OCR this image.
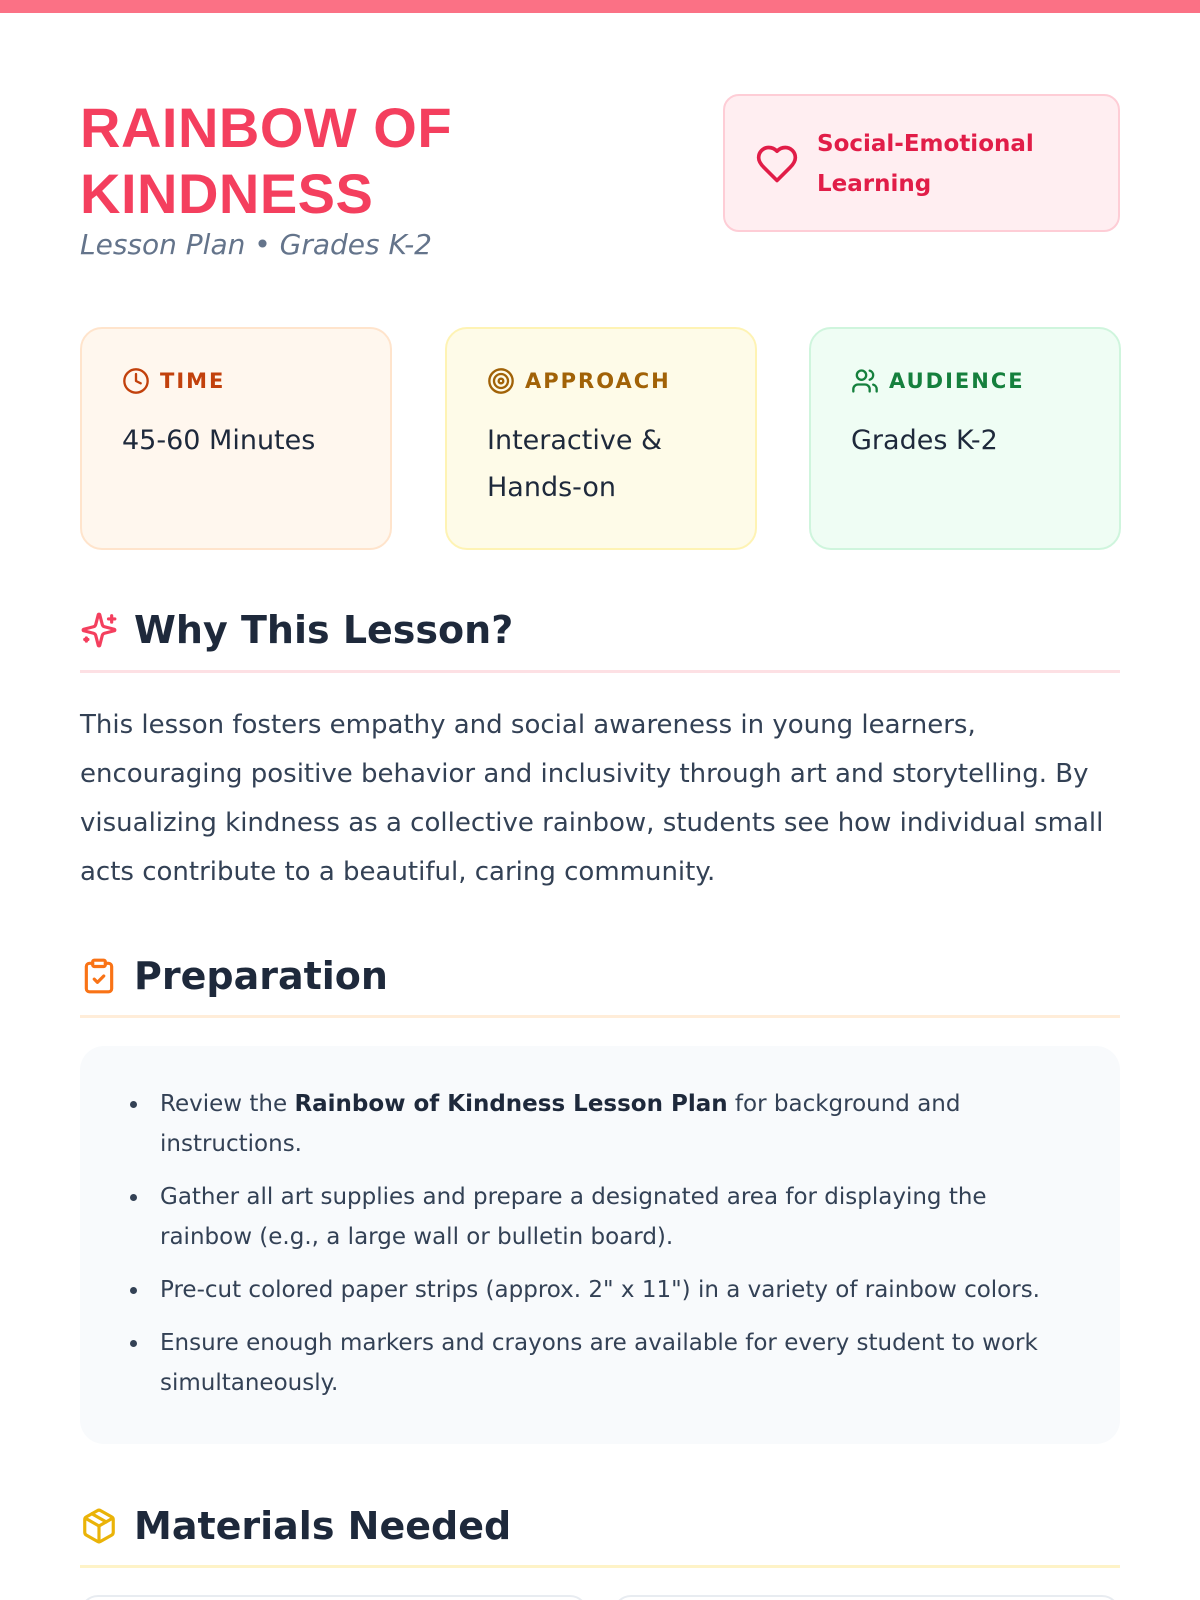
RAINBOW OF
KINDNESS
Lesson Plan • Grades K-2
Social-Emotional Learning
TIME
45-60 Minutes
APPROACH
Interactive & Hands-on
AUDIENCE
Grades K-2
Why This Lesson?

This lesson fosters empathy and social awareness in young learners, encouraging positive behavior and inclusivity through art and storytelling. By visualizing kindness as a collective rainbow, students see how individual small acts contribute to a beautiful, caring community.

Preparation
Review the Rainbow of Kindness Lesson Plan for background and instructions.
Gather all art supplies and prepare a designated area for displaying the rainbow (e.g., a large wall or bulletin board).
Pre-cut colored paper strips (approx. 2" x 11") in a variety of rainbow colors.
Ensure enough markers and crayons are available for every student to work simultaneously.
Materials Needed
